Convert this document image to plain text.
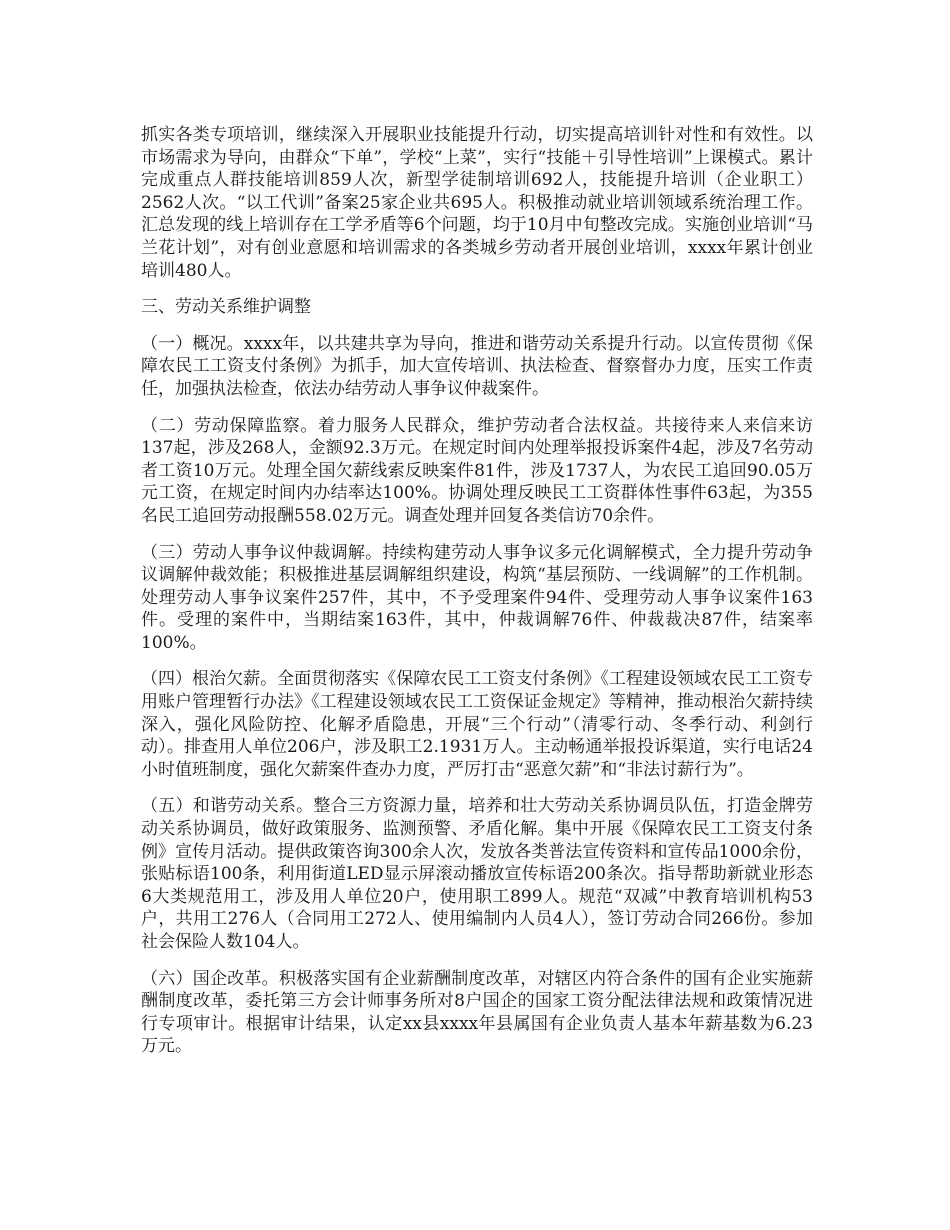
抓实各类专项培训，继续深入开展职业技能提升行动，切实提高培训针对性和有效性。以市场需求为导向，由群众“下单”，学校“上菜”，实行“技能＋引导性培训”上课模式。累计完成重点人群技能培训859人次，新型学徒制培训692人，技能提升培训（企业职工）2562人次。“以工代训”备案25家企业共695人。积极推动就业培训领域系统治理工作。汇总发现的线上培训存在工学矛盾等6个问题，均于10月中旬整改完成。实施创业培训“马兰花计划”，对有创业意愿和培训需求的各类城乡劳动者开展创业培训，xxxx年累计创业培训480人。

三、劳动关系维护调整

（一）概况。xxxx年，以共建共享为导向，推进和谐劳动关系提升行动。以宣传贯彻《保障农民工工资支付条例》为抓手，加大宣传培训、执法检查、督察督办力度，压实工作责任，加强执法检查，依法办结劳动人事争议仲裁案件。

（二）劳动保障监察。着力服务人民群众，维护劳动者合法权益。共接待来人来信来访137起，涉及268人，金额92.3万元。在规定时间内处理举报投诉案件4起，涉及7名劳动者工资10万元。处理全国欠薪线索反映案件81件，涉及1737人，为农民工追回90.05万元工资，在规定时间内办结率达100%。协调处理反映民工工资群体性事件63起，为355名民工追回劳动报酬558.02万元。调查处理并回复各类信访70余件。

（三）劳动人事争议仲裁调解。持续构建劳动人事争议多元化调解模式，全力提升劳动争议调解仲裁效能；积极推进基层调解组织建设，构筑“基层预防、一线调解”的工作机制。处理劳动人事争议案件257件，其中，不予受理案件94件、受理劳动人事争议案件163件。受理的案件中，当期结案163件，其中，仲裁调解76件、仲裁裁决87件，结案率100%。

（四）根治欠薪。全面贯彻落实《保障农民工工资支付条例》《工程建设领域农民工工资专用账户管理暂行办法》《工程建设领域农民工工资保证金规定》等精神，推动根治欠薪持续深入，强化风险防控、化解矛盾隐患，开展“三个行动”（清零行动、冬季行动、利剑行动）。排查用人单位206户，涉及职工2.1931万人。主动畅通举报投诉渠道，实行电话24小时值班制度，强化欠薪案件查办力度，严厉打击“恶意欠薪”和“非法讨薪行为”。

（五）和谐劳动关系。整合三方资源力量，培养和壮大劳动关系协调员队伍，打造金牌劳动关系协调员，做好政策服务、监测预警、矛盾化解。集中开展《保障农民工工资支付条例》宣传月活动。提供政策咨询300余人次，发放各类普法宣传资料和宣传品1000余份，张贴标语100条，利用街道LED显示屏滚动播放宣传标语200条次。指导帮助新就业形态6大类规范用工，涉及用人单位20户，使用职工899人。规范“双减”中教育培训机构53户，共用工276人（合同用工272人、使用编制内人员4人），签订劳动合同266份。参加社会保险人数104人。

（六）国企改革。积极落实国有企业薪酬制度改革，对辖区内符合条件的国有企业实施薪酬制度改革，委托第三方会计师事务所对8户国企的国家工资分配法律法规和政策情况进行专项审计。根据审计结果，认定xx县xxxx年县属国有企业负责人基本年薪基数为6.23万元。
